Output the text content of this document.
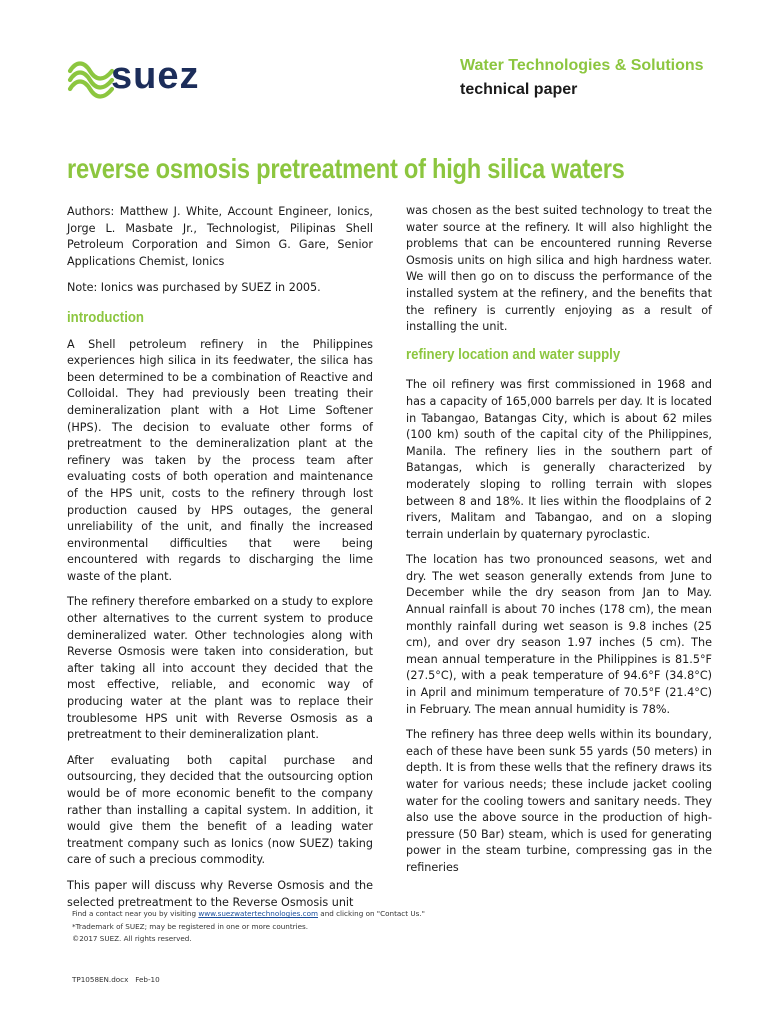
suez	Water Technologies & Solutions
technical paper
reverse osmosis pretreatment of high silica waters

Authors: Matthew J. White, Account Engineer, Ionics, Jorge L. Masbate Jr., Technologist, Pilipinas Shell Petroleum Corporation and Simon G. Gare, Senior Applications Chemist, Ionics

Note: Ionics was purchased by SUEZ in 2005.

introduction

A Shell petroleum refinery in the Philippines experiences high silica in its feedwater, the silica has been determined to be a combination of Reactive and Colloidal. They had previously been treating their demineralization plant with a Hot Lime Softener (HPS). The decision to evaluate other forms of pretreatment to the demineralization plant at the refinery was taken by the process team after evaluating costs of both operation and maintenance of the HPS unit, costs to the refinery through lost production caused by HPS outages, the general unreliability of the unit, and finally the increased environmental difficulties that were being encountered with regards to discharging the lime waste of the plant.

The refinery therefore embarked on a study to explore other alternatives to the current system to produce demineralized water. Other technologies along with Reverse Osmosis were taken into consideration, but after taking all into account they decided that the most effective, reliable, and economic way of producing water at the plant was to replace their troublesome HPS unit with Reverse Osmosis as a pretreatment to their demineralization plant.

After evaluating both capital purchase and outsourcing, they decided that the outsourcing option would be of more economic benefit to the company rather than installing a capital system. In addition, it would give them the benefit of a leading water treatment company such as Ionics (now SUEZ) taking care of such a precious commodity.

This paper will discuss why Reverse Osmosis and the selected pretreatment to the Reverse Osmosis unit

was chosen as the best suited technology to treat the water source at the refinery. It will also highlight the problems that can be encountered running Reverse Osmosis units on high silica and high hardness water. We will then go on to discuss the performance of the installed system at the refinery, and the benefits that the refinery is currently enjoying as a result of installing the unit.

refinery location and water supply

The oil refinery was first commissioned in 1968 and has a capacity of 165,000 barrels per day. It is located in Tabangao, Batangas City, which is about 62 miles (100 km) south of the capital city of the Philippines, Manila. The refinery lies in the southern part of Batangas, which is generally characterized by moderately sloping to rolling terrain with slopes between 8 and 18%. It lies within the floodplains of 2 rivers, Malitam and Tabangao, and on a sloping terrain underlain by quaternary pyroclastic.

The location has two pronounced seasons, wet and dry. The wet season generally extends from June to December while the dry season from Jan to May. Annual rainfall is about 70 inches (178 cm), the mean monthly rainfall during wet season is 9.8 inches (25 cm), and over dry season 1.97 inches (5 cm). The mean annual temperature in the Philippines is 81.5°F (27.5°C), with a peak temperature of 94.6°F (34.8°C) in April and minimum temperature of 70.5°F (21.4°C) in February. The mean annual humidity is 78%.

The refinery has three deep wells within its boundary, each of these have been sunk 55 yards (50 meters) in depth. It is from these wells that the refinery draws its water for various needs; these include jacket cooling water for the cooling towers and sanitary needs. They also use the above source in the production of high-pressure (50 Bar) steam, which is used for generating power in the steam turbine, compressing gas in the refineries

Find a contact near you by visiting www.suezwatertechnologies.com and clicking on "Contact Us."
*Trademark of SUEZ; may be registered in one or more countries.
©2017 SUEZ. All rights reserved.
TP1058EN.docx   Feb-10
